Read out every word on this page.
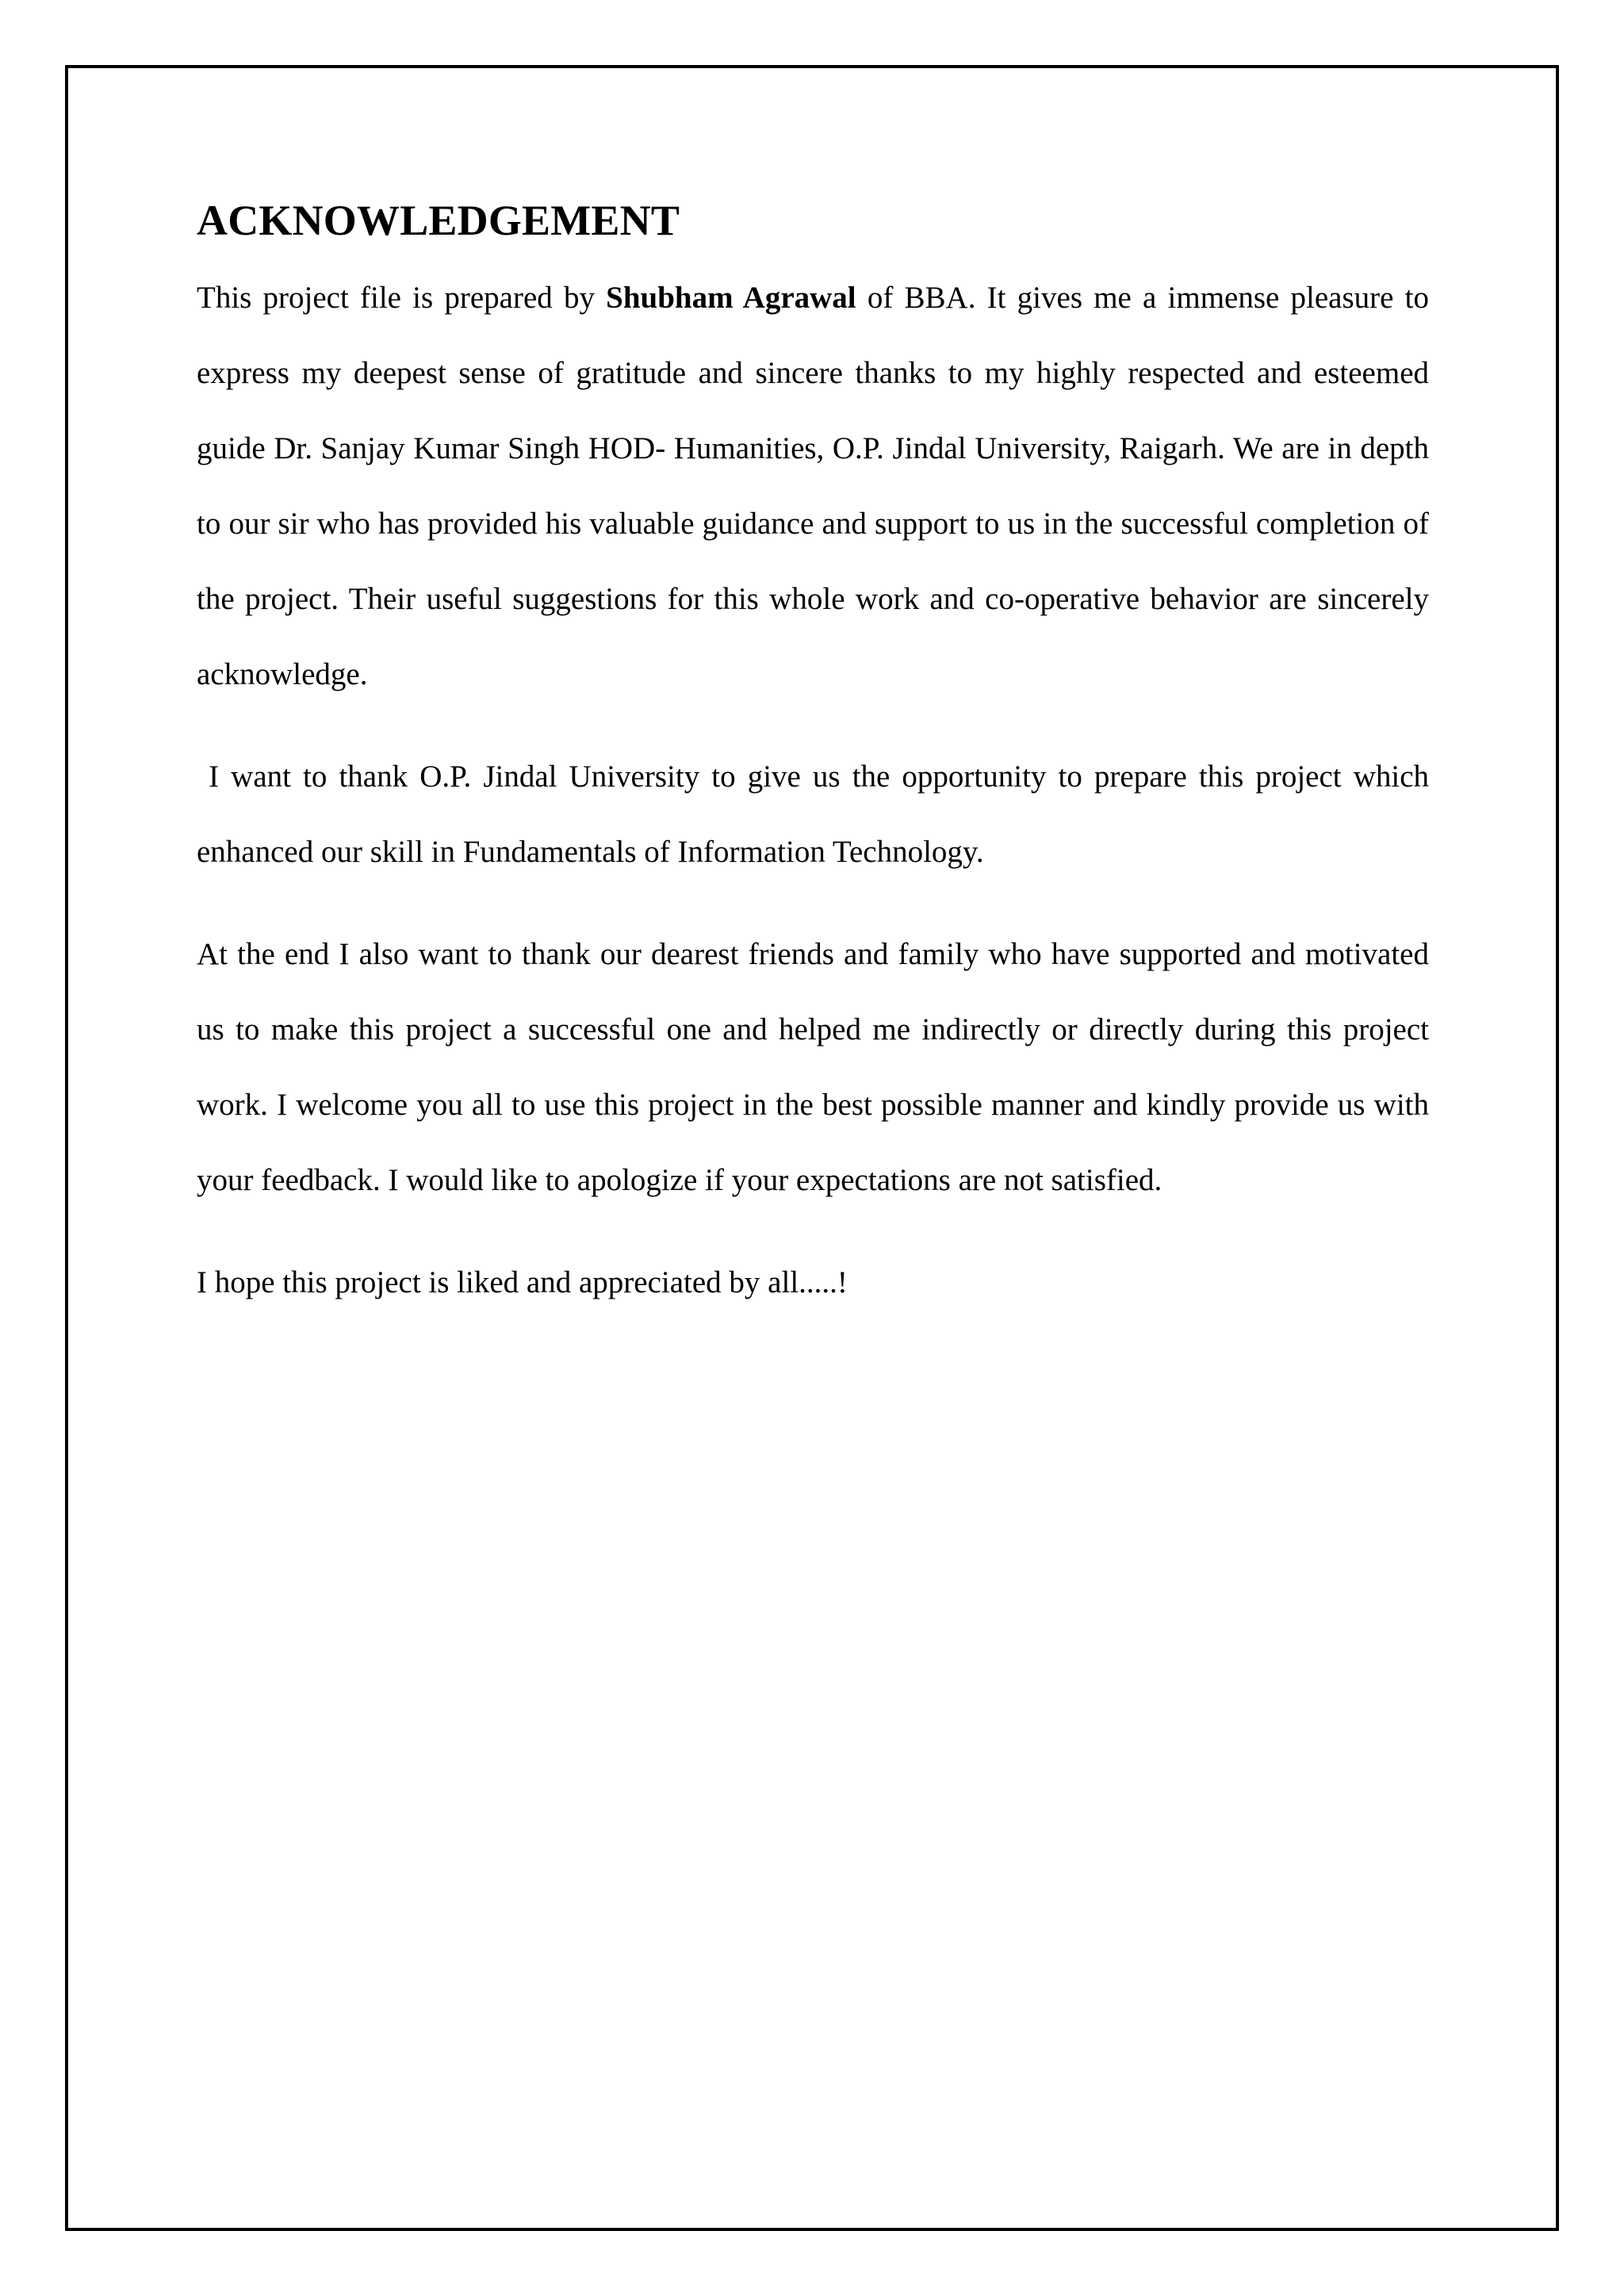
ACKNOWLEDGEMENT

This project file is prepared by Shubham Agrawal of BBA. It gives me a immense pleasure to express my deepest sense of gratitude and sincere thanks to my highly respected and esteemed guide Dr. Sanjay Kumar Singh HOD- Humanities, O.P. Jindal University, Raigarh. We are in depth to our sir who has provided his valuable guidance and support to us in the successful completion of the project. Their useful suggestions for this whole work and co-operative behavior are sincerely acknowledge.

I want to thank O.P. Jindal University to give us the opportunity to prepare this project which enhanced our skill in Fundamentals of Information Technology.

At the end I also want to thank our dearest friends and family who have supported and motivated us to make this project a successful one and helped me indirectly or directly during this project work. I welcome you all to use this project in the best possible manner and kindly provide us with your feedback. I would like to apologize if your expectations are not satisfied.

I hope this project is liked and appreciated by all.....!
